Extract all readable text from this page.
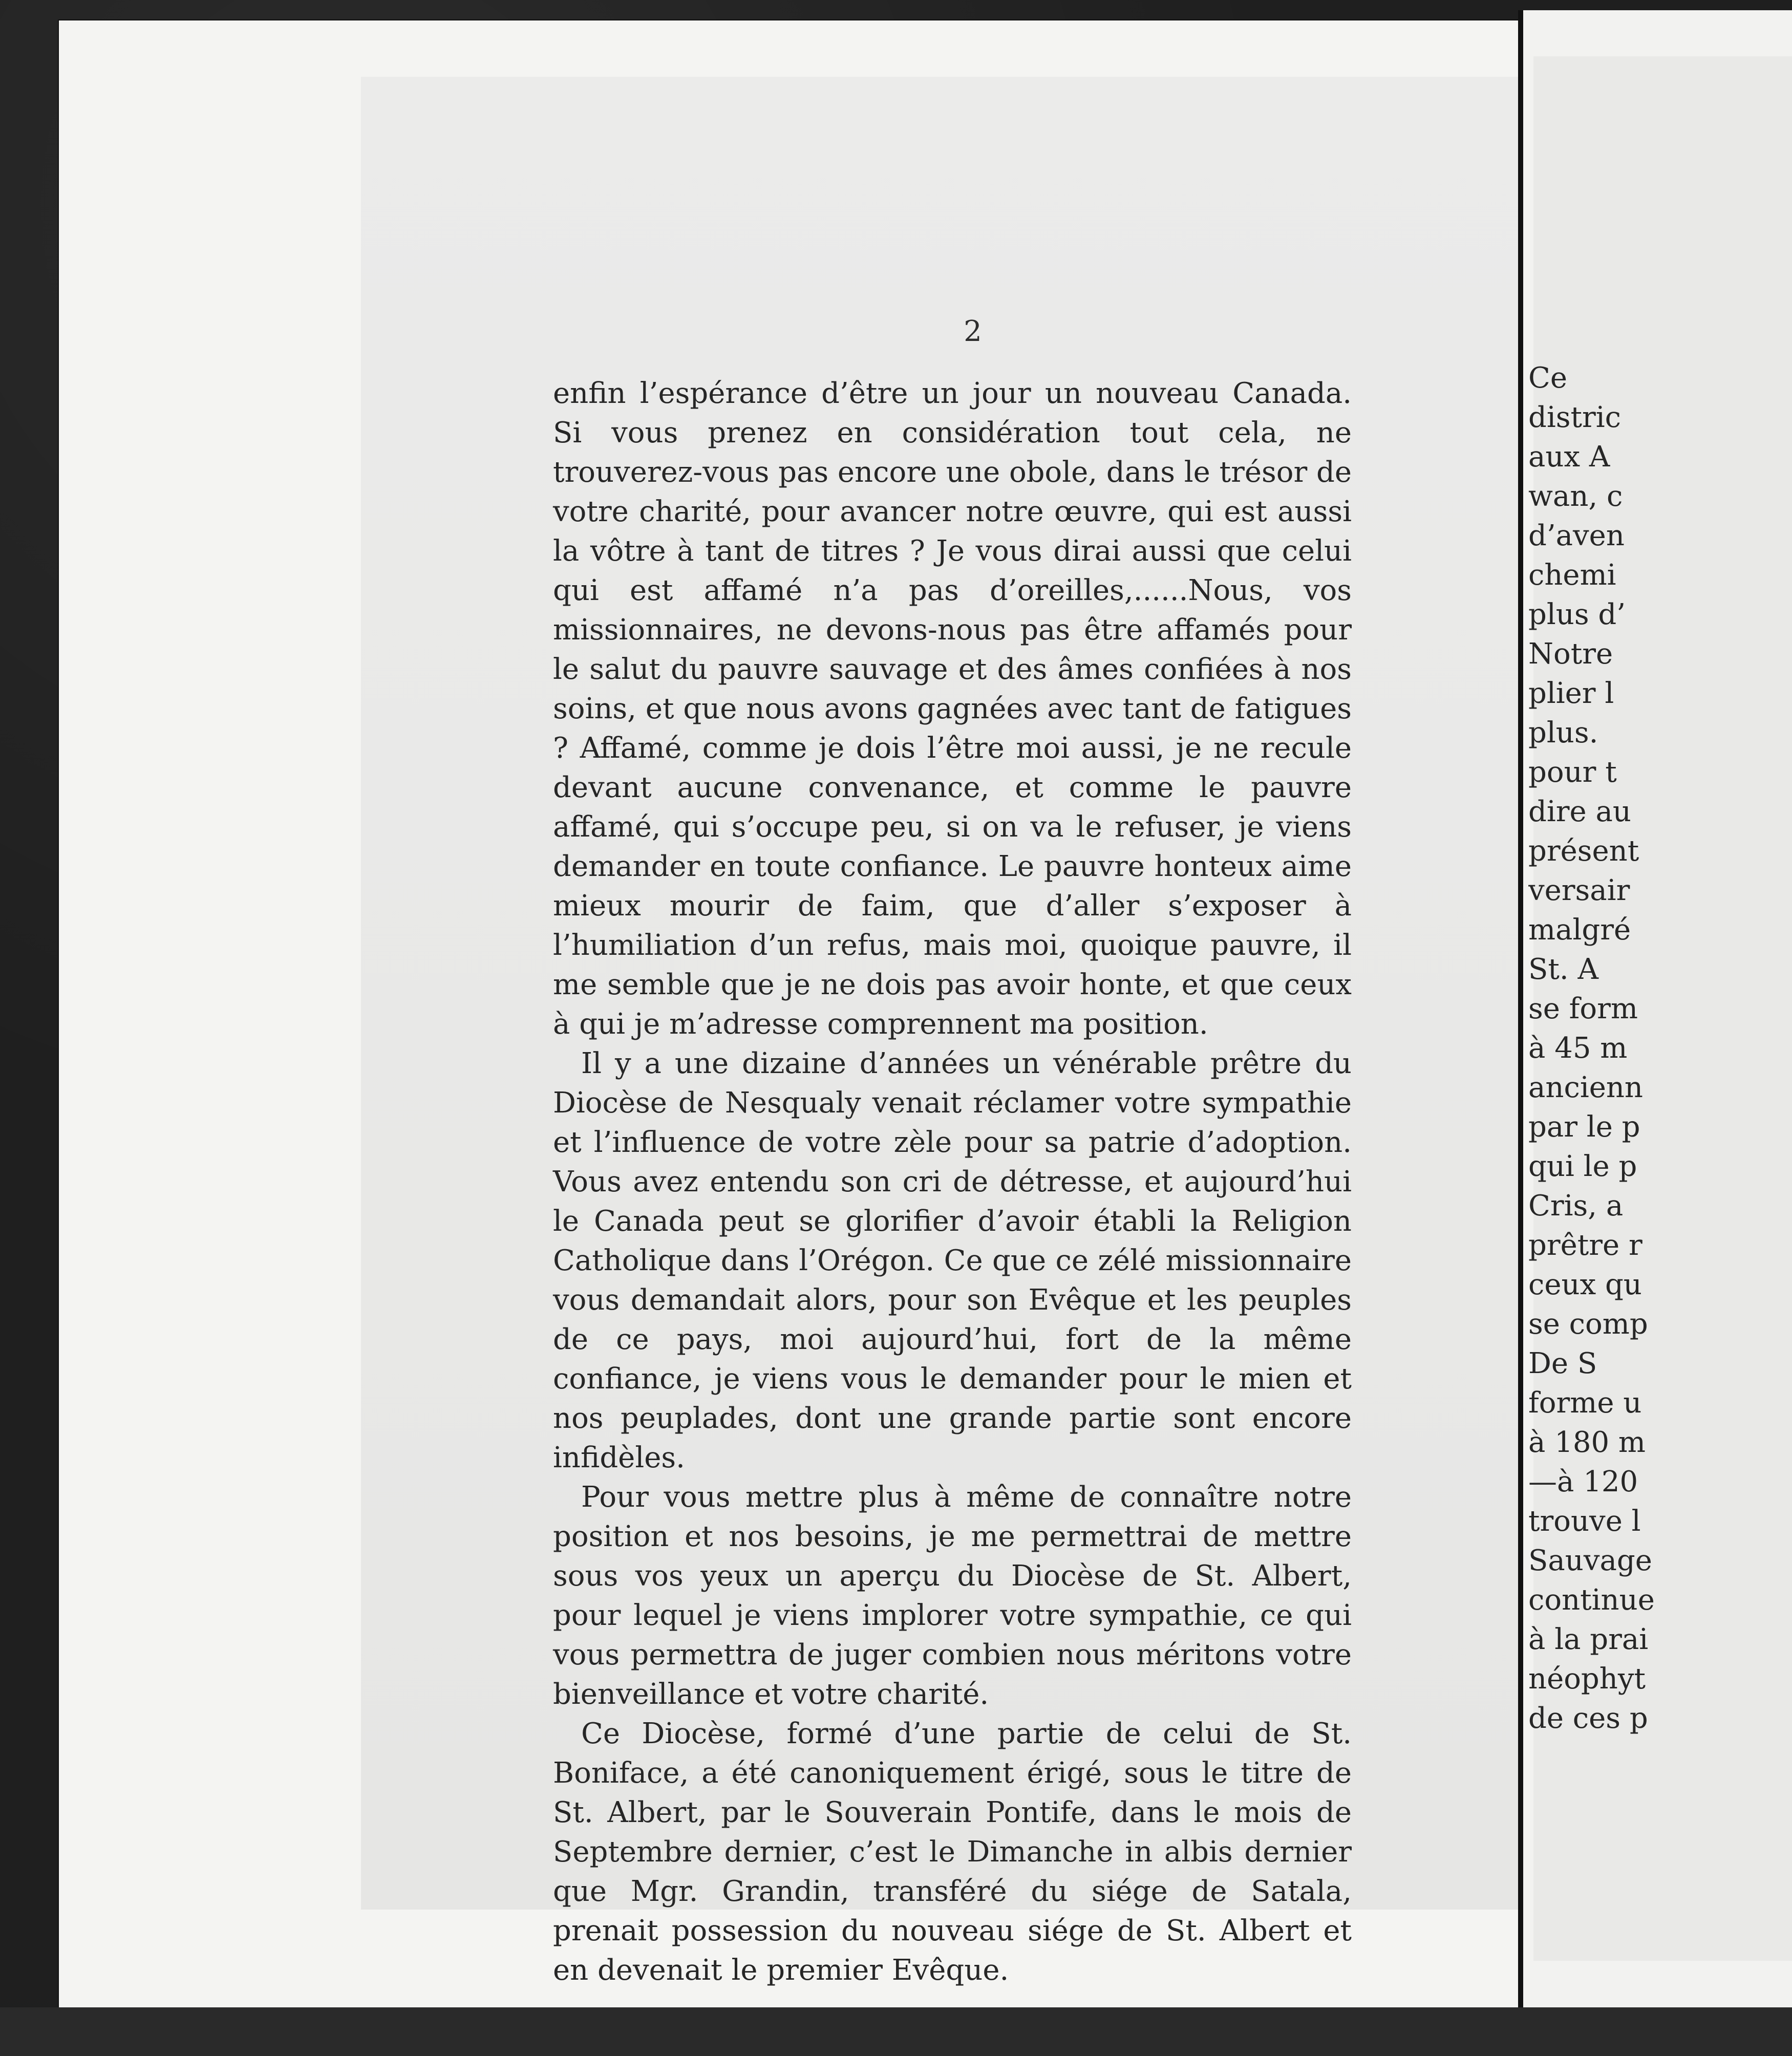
2

enfin l’espérance d’être un jour un nouveau Canada. Si vous prenez en considération tout cela, ne trouverez-vous pas encore une obole, dans le trésor de votre charité, pour avancer notre œuvre, qui est aussi la vôtre à tant de titres ? Je vous dirai aussi que celui qui est affamé n’a pas d’oreilles,......Nous, vos missionnaires, ne devons-nous pas être affamés pour le salut du pauvre sauvage et des âmes confiées à nos soins, et que nous avons gagnées avec tant de fatigues ? Affamé, comme je dois l’être moi aussi, je ne recule devant aucune convenance, et comme le pauvre affamé, qui s’occupe peu, si on va le refuser, je viens demander en toute confiance. Le pauvre honteux aime mieux mourir de faim, que d’aller s’exposer à l’humiliation d’un refus, mais moi, quoique pauvre, il me semble que je ne dois pas avoir honte, et que ceux à qui je m’adresse comprennent ma position.

Il y a une dizaine d’années un vénérable prêtre du Diocèse de Nesqualy venait réclamer votre sympathie et l’influence de votre zèle pour sa patrie d’adoption. Vous avez entendu son cri de détresse, et aujourd’hui le Canada peut se glorifier d’avoir établi la Religion Catholique dans l’Orégon. Ce que ce zélé missionnaire vous demandait alors, pour son Evêque et les peuples de ce pays, moi aujourd’hui, fort de la même confiance, je viens vous le demander pour le mien et nos peuplades, dont une grande partie sont encore infidèles.

Pour vous mettre plus à même de connaître notre position et nos besoins, je me permettrai de mettre sous vos yeux un aperçu du Diocèse de St. Albert, pour lequel je viens implorer votre sympathie, ce qui vous permettra de juger combien nous méritons votre bienveillance et votre charité.

Ce Diocèse, formé d’une partie de celui de St. Boniface, a été canoniquement érigé, sous le titre de St. Albert, par le Souverain Pontife, dans le mois de Septembre dernier, c’est le Dimanche in albis dernier que Mgr. Grandin, transféré du siége de Satala, prenait possession du nouveau siége de St. Albert et en devenait le premier Evêque.

Ce
distric
aux A
wan, c
d’aven
chemi
plus d’
Notre
plier l
plus.
pour t
dire au
présent
versair
malgré
St. A
se form
à 45 m
ancienn
par le p
qui le p
Cris, a
prêtre r
ceux qu
se comp
De S
forme u
à 180 m
—à 120
trouve l
Sauvage
continue
à la prai
néophyt
de ces p
